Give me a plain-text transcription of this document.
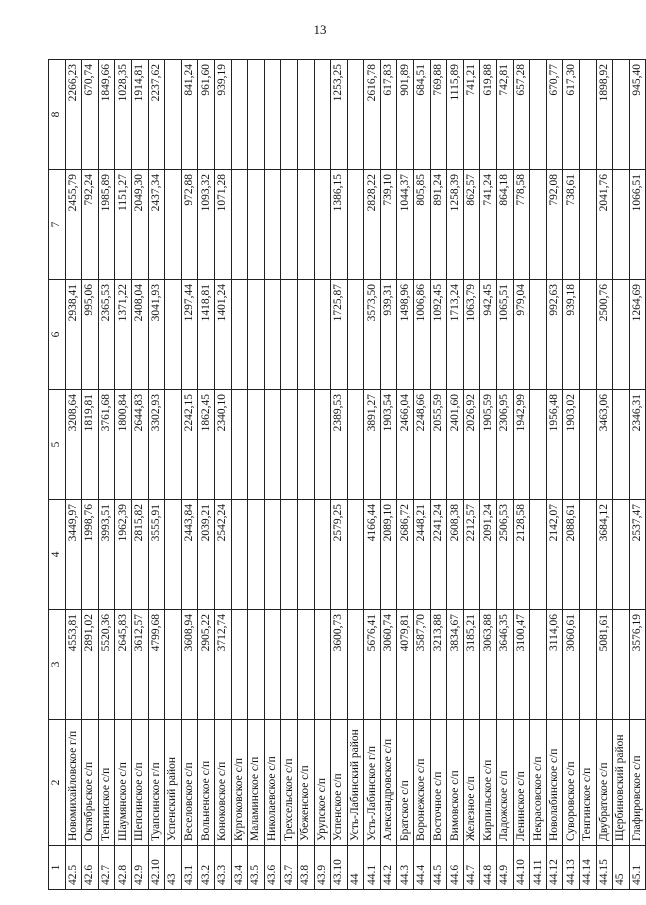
13
1	2	3	4	5	6	7	8
42.5	Новомихайловское г/п	4553,81	3449,97	3208,64	2938,41	2455,79	2266,23
42.6	Октябрьское с/п	2891,02	1998,76	1819,81	995,06	792,24	670,74
42.7	Тенгинское с/п	5520,36	3993,51	3761,68	2365,53	1985,89	1849,66
42.8	Шаумянское с/п	2645,83	1962,39	1800,84	1371,22	1151,27	1028,35
42.9	Шепсинское с/п	3612,57	2815,82	2644,83	2408,04	2049,30	1914,81
42.10	Туапсинское г/п	4799,68	3555,91	3302,93	3041,93	2437,34	2237,62
43	Успенский район						
43.1	Веселовское с/п	3608,94	2443,84	2242,15	1297,44	972,88	841,24
43.2	Вольненское с/п	2905,22	2039,21	1862,45	1418,81	1093,32	961,60
43.3	Коноковское с/п	3712,74	2542,24	2340,10	1401,24	1071,28	939,19
43.4	Кургоковское с/п						
43.5	Маламинское с/п						
43.6	Николаевское с/п						
43.7	Трехсельское с/п						
43.8	Убеженское с/п						
43.9	Урупское с/п						
43.10	Успенское с/п	3600,73	2579,25	2389,53	1725,87	1386,15	1253,25
44	Усть-Лабинский район						
44.1	Усть-Лабинское г/п	5676,41	4166,44	3891,27	3573,50	2828,22	2616,78
44.2	Александровское с/п	3060,74	2089,10	1903,54	939,31	739,10	617,83
44.3	Братское с/п	4079,81	2686,72	2466,04	1498,96	1044,37	901,89
44.4	Воронежское с/п	3587,70	2448,21	2248,66	1006,86	805,85	684,51
44.5	Восточное с/п	3213,88	2241,24	2055,59	1092,45	891,24	769,88
44.6	Вимовское с/п	3834,67	2608,38	2401,60	1713,24	1258,39	1115,89
44.7	Железное с/п	3185,21	2212,57	2026,92	1063,79	862,57	741,21
44.8	Кирпильское с/п	3063,88	2091,24	1905,59	942,45	741,24	619,88
44.9	Ладожское с/п	3646,35	2506,53	2306,95	1065,51	864,18	742,81
44.10	Ленинское с/п	3100,47	2128,58	1942,99	979,04	778,58	657,28
44.11	Некрасовское с/п						
44.12	Новолабинское с/п	3114,06	2142,07	1956,48	992,63	792,08	670,77
44.13	Суворовское с/п	3060,61	2088,61	1903,02	939,18	738,61	617,30
44.14	Тенгинское с/п						
44.15	Двубратское с/п	5081,61	3684,12	3463,06	2500,76	2041,76	1898,92
45	Щербиновский район						
45.1	Глафировское с/п	3576,19	2537,47	2346,31	1264,69	1066,51	945,40
